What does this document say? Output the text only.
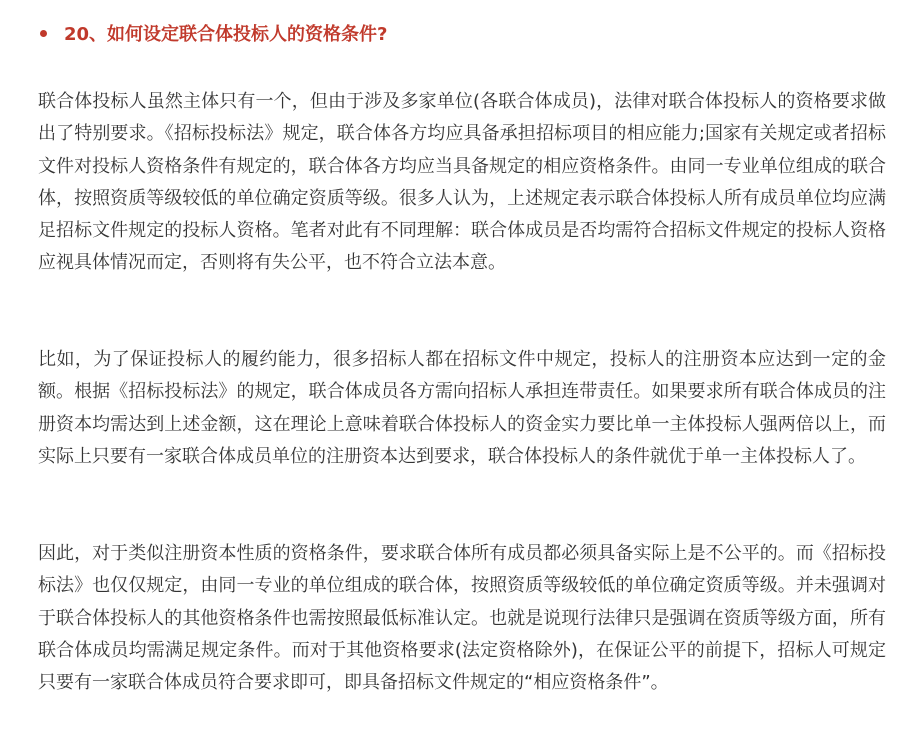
20、如何设定联合体投标人的资格条件?

联合体投标人虽然主体只有一个，但由于涉及多家单位(各联合体成员)，法律对联合体投标人的资格要求做出了特别要求。《招标投标法》规定，联合体各方均应具备承担招标项目的相应能力;国家有关规定或者招标文件对投标人资格条件有规定的，联合体各方均应当具备规定的相应资格条件。由同一专业单位组成的联合体，按照资质等级较低的单位确定资质等级。很多人认为，上述规定表示联合体投标人所有成员单位均应满足招标文件规定的投标人资格。笔者对此有不同理解：联合体成员是否均需符合招标文件规定的投标人资格应视具体情况而定，否则将有失公平，也不符合立法本意。

比如，为了保证投标人的履约能力，很多招标人都在招标文件中规定，投标人的注册资本应达到一定的金额。根据《招标投标法》的规定，联合体成员各方需向招标人承担连带责任。如果要求所有联合体成员的注册资本均需达到上述金额，这在理论上意味着联合体投标人的资金实力要比单一主体投标人强两倍以上，而实际上只要有一家联合体成员单位的注册资本达到要求，联合体投标人的条件就优于单一主体投标人了。

因此，对于类似注册资本性质的资格条件，要求联合体所有成员都必须具备实际上是不公平的。而《招标投标法》也仅仅规定，由同一专业的单位组成的联合体，按照资质等级较低的单位确定资质等级。并未强调对于联合体投标人的其他资格条件也需按照最低标准认定。也就是说现行法律只是强调在资质等级方面，所有联合体成员均需满足规定条件。而对于其他资格要求(法定资格除外)，在保证公平的前提下，招标人可规定只要有一家联合体成员符合要求即可，即具备招标文件规定的“相应资格条件”。
